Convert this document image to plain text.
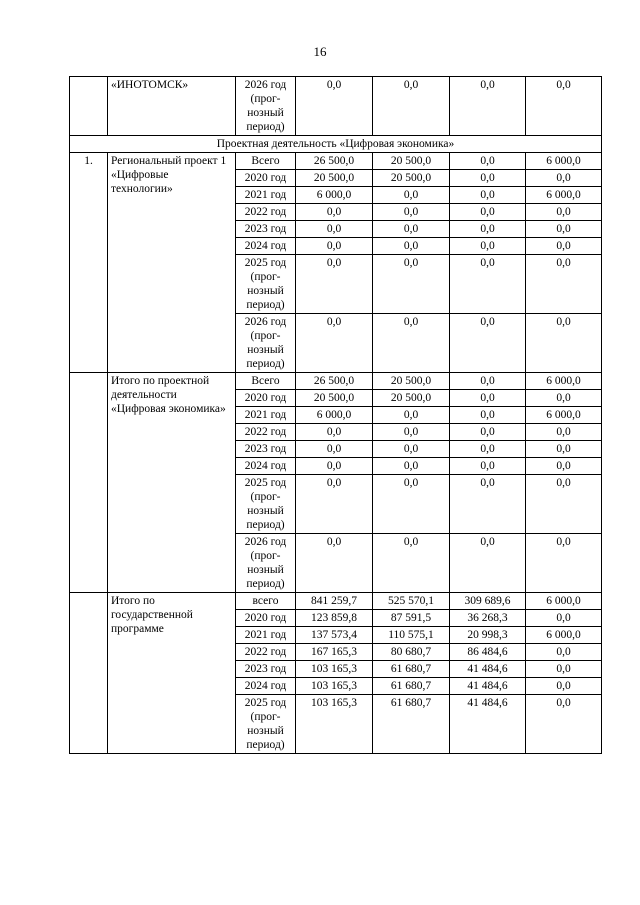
16
	«ИНОТОМСК»	2026 год (прог-нозный период)	0,0	0,0	0,0	0,0
Проектная деятельность «Цифровая экономика»						
1.	Региональный проект 1 «Цифровые технологии»	Всего	26 500,0	20 500,0	0,0	6 000,0
		2020 год	20 500,0	20 500,0	0,0	0,0
		2021 год	6 000,0	0,0	0,0	6 000,0
		2022 год	0,0	0,0	0,0	0,0
		2023 год	0,0	0,0	0,0	0,0
		2024 год	0,0	0,0	0,0	0,0
		2025 год (прог-нозный период)	0,0	0,0	0,0	0,0
		2026 год (прог-нозный период)	0,0	0,0	0,0	0,0
	Итого по проектной деятельности «Цифровая экономика»	Всего	26 500,0	20 500,0	0,0	6 000,0
		2020 год	20 500,0	20 500,0	0,0	0,0
		2021 год	6 000,0	0,0	0,0	6 000,0
		2022 год	0,0	0,0	0,0	0,0
		2023 год	0,0	0,0	0,0	0,0
		2024 год	0,0	0,0	0,0	0,0
		2025 год (прог-нозный период)	0,0	0,0	0,0	0,0
		2026 год (прог-нозный период)	0,0	0,0	0,0	0,0
	Итого по государственной программе	всего	841 259,7	525 570,1	309 689,6	6 000,0
		2020 год	123 859,8	87 591,5	36 268,3	0,0
		2021 год	137 573,4	110 575,1	20 998,3	6 000,0
		2022 год	167 165,3	80 680,7	86 484,6	0,0
		2023 год	103 165,3	61 680,7	41 484,6	0,0
		2024 год	103 165,3	61 680,7	41 484,6	0,0
		2025 год (прог-нозный период)	103 165,3	61 680,7	41 484,6	0,0
